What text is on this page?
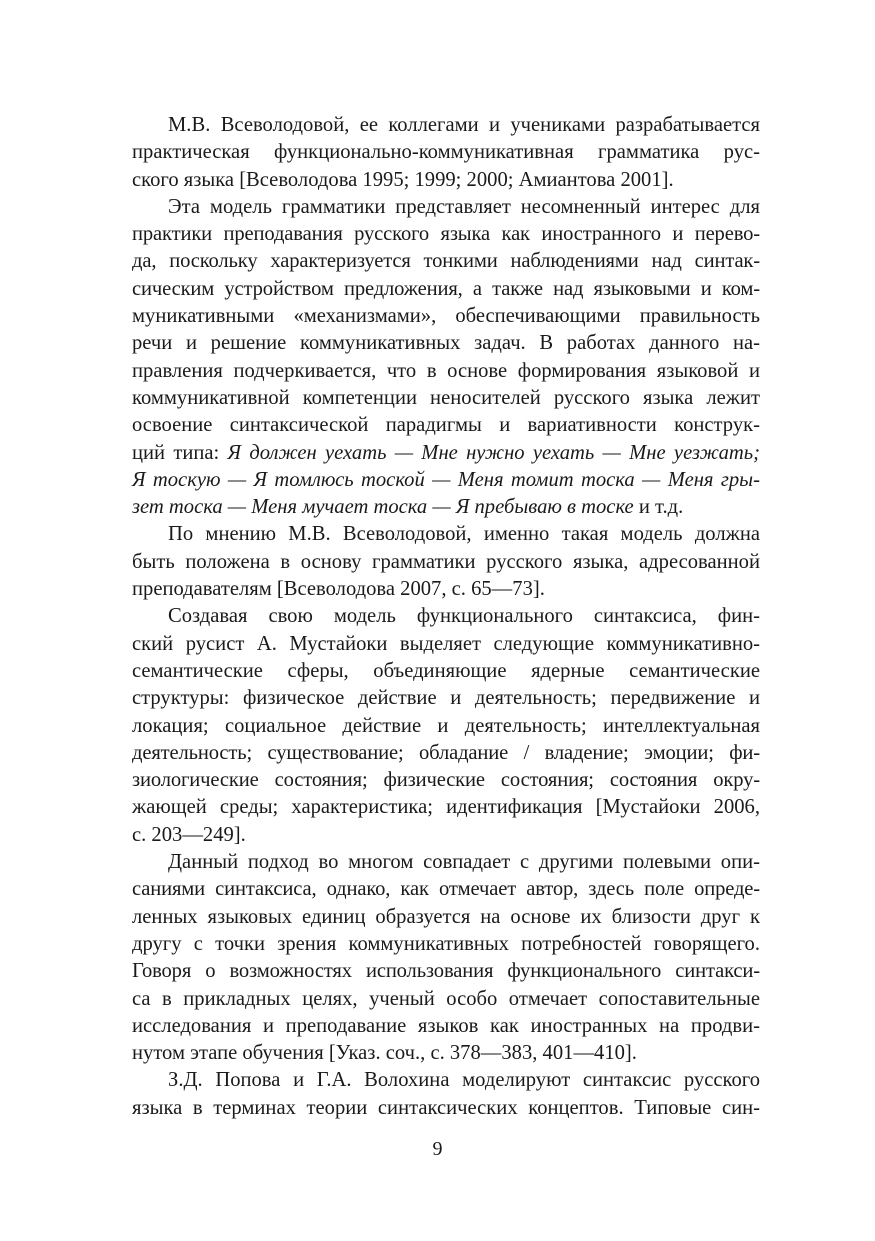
М.В. Всеволодовой, ее коллегами и учениками разрабатывается
практическая функционально-коммуникативная грамматика рус-
ского языка [Всеволодова 1995; 1999; 2000; Амиантова 2001].
Эта модель грамматики представляет несомненный интерес для
практики преподавания русского языка как иностранного и перево-
да, поскольку характеризуется тонкими наблюдениями над синтак-
сическим устройством предложения, а также над языковыми и ком-
муникативными «механизмами», обеспечивающими правильность
речи и решение коммуникативных задач. В работах данного на-
правления подчеркивается, что в основе формирования языковой и
коммуникативной компетенции неносителей русского языка лежит
освоение синтаксической парадигмы и вариативности конструк-
ций типа: Я должен уехать — Мне нужно уехать — Мне уезжать;
Я тоскую — Я томлюсь тоской — Меня томит тоска — Меня гры-
зет тоска — Меня мучает тоска — Я пребываю в тоске и т.д.
По мнению М.В. Всеволодовой, именно такая модель должна
быть положена в основу грамматики русского языка, адресованной
преподавателям [Всеволодова 2007, с. 65—73].
Создавая свою модель функционального синтаксиса, фин-
ский русист А. Мустайоки выделяет следующие коммуникативно-
семантические сферы, объединяющие ядерные семантические
структуры: физическое действие и деятельность; передвижение и
локация; социальное действие и деятельность; интеллектуальная
деятельность; существование; обладание / владение; эмоции; фи-
зиологические состояния; физические состояния; состояния окру-
жающей среды; характеристика; идентификация [Мустайоки 2006,
с. 203—249].
Данный подход во многом совпадает с другими полевыми опи-
саниями синтаксиса, однако, как отмечает автор, здесь поле опреде-
ленных языковых единиц образуется на основе их близости друг к
другу с точки зрения коммуникативных потребностей говорящего.
Говоря о возможностях использования функционального синтакси-
са в прикладных целях, ученый особо отмечает сопоставительные
исследования и преподавание языков как иностранных на продви-
нутом этапе обучения [Указ. соч., с. 378—383, 401—410].
З.Д. Попова и Г.А. Волохина моделируют синтаксис русского
языка в терминах теории синтаксических концептов. Типовые син-
9
